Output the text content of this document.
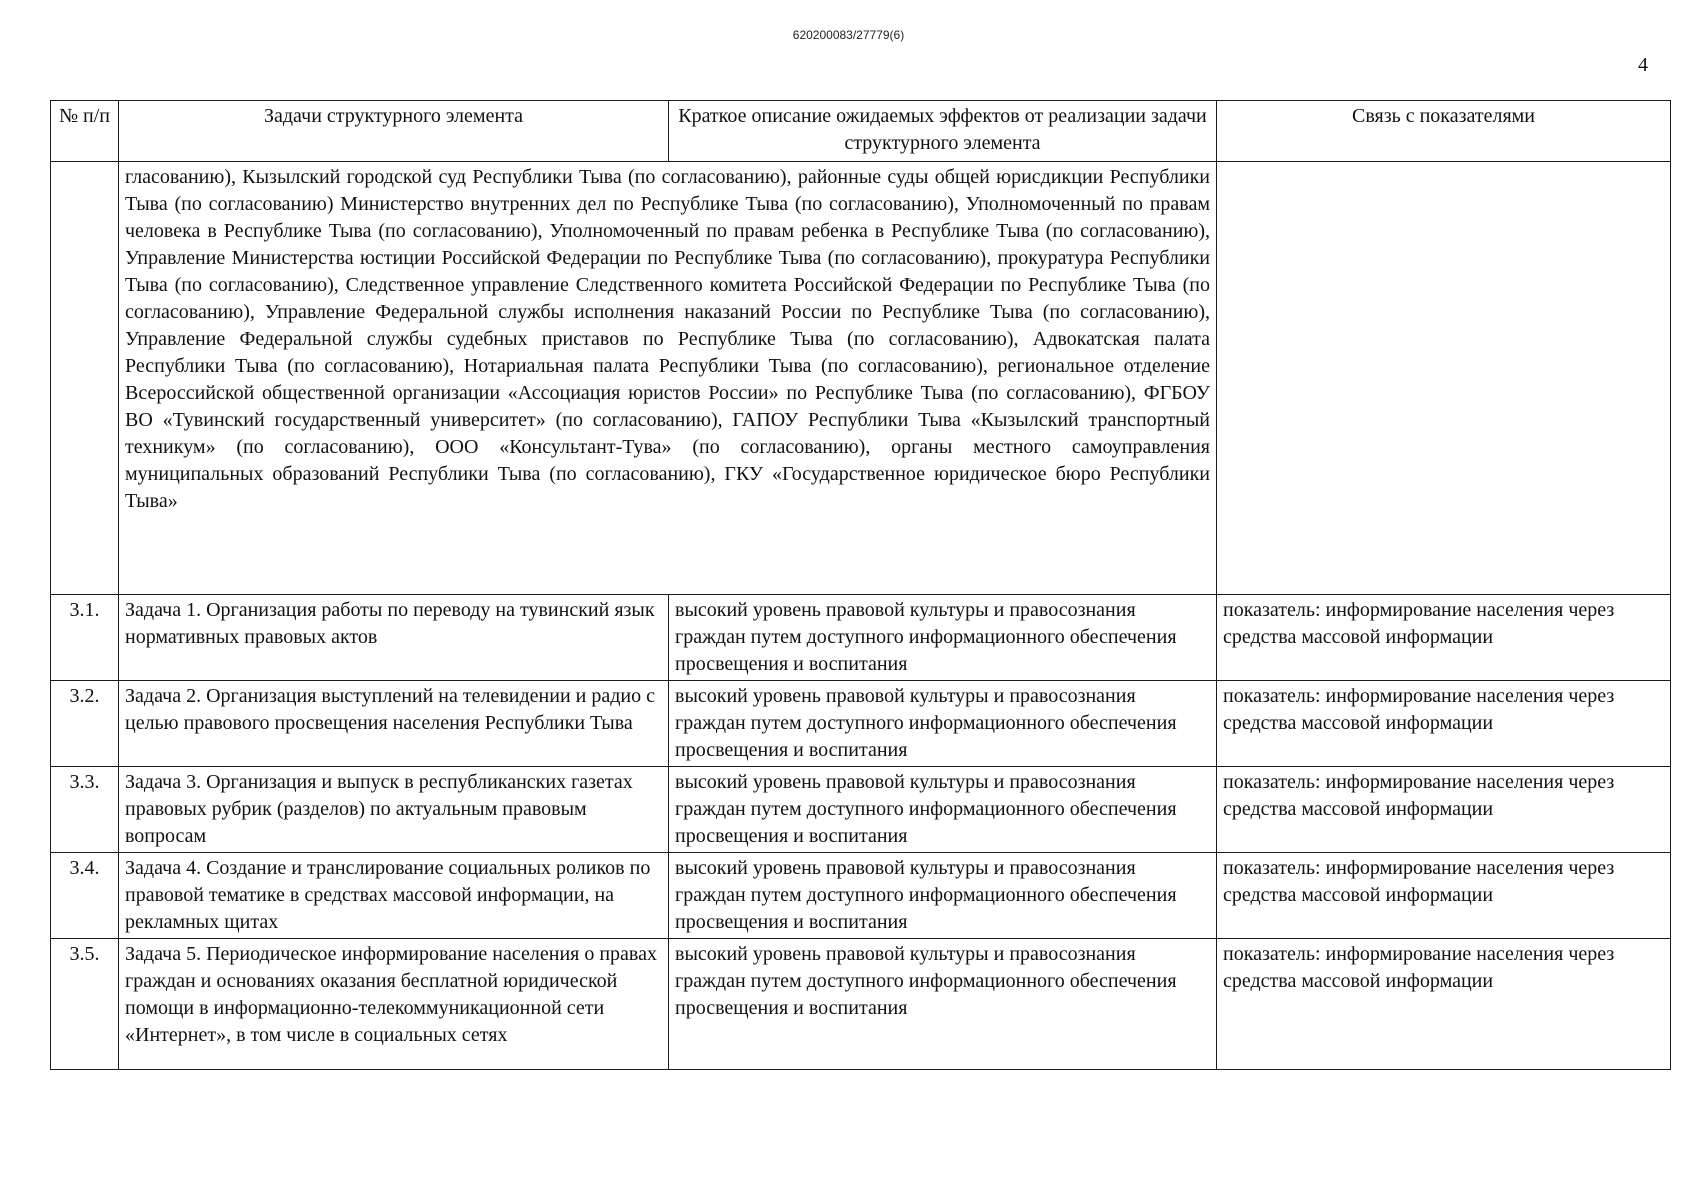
620200083/27779(6)
4
№ п/п	Задачи структурного элемента	Краткое описание ожидаемых эффектов от реализации задачи структурного элемента	Связь с показателями
	гласованию), Кызылский городской суд Республики Тыва (по согласованию), районные суды общей юрисдикции Республики Тыва (по согласованию) Министерство внутренних дел по Республике Тыва (по согласованию), Уполномоченный по правам человека в Республике Тыва (по согласованию), Уполномоченный по правам ребенка в Республике Тыва (по согласованию), Управление Министерства юстиции Российской Федерации по Республике Тыва (по согласованию), прокуратура Республики Тыва (по согласованию), Следственное управление Следственного комитета Российской Федерации по Республике Тыва (по согласованию), Управление Федеральной службы исполнения наказаний России по Республике Тыва (по согласованию), Управление Федеральной службы судебных приставов по Республике Тыва (по согласованию), Адвокатская палата Республики Тыва (по согласованию), Нотариальная палата Республики Тыва (по согласованию), региональное отделение Всероссийской общественной организации «Ассоциация юристов России» по Республике Тыва (по согласованию), ФГБОУ ВО «Тувинский государственный университет» (по согласованию), ГАПОУ Республики Тыва «Кызылский транспортный техникум» (по согласованию), ООО «Консультант-Тува» (по согласованию), органы местного самоуправления муниципальных образований Республики Тыва (по согласованию), ГКУ «Государственное юридическое бюро Республики Тыва»		
3.1.	Задача 1. Организация работы по переводу на тувинский язык нормативных правовых актов	высокий уровень правовой культуры и правосознания граждан путем доступного информационного обеспечения просвещения и воспитания	показатель: информирование населения через средства массовой информации
3.2.	Задача 2. Организация выступлений на телевидении и радио с целью правового просвещения населения Республики Тыва	высокий уровень правовой культуры и правосознания граждан путем доступного информационного обеспечения просвещения и воспитания	показатель: информирование населения через средства массовой информации
3.3.	Задача 3. Организация и выпуск в республиканских газетах правовых рубрик (разделов) по актуальным правовым вопросам	высокий уровень правовой культуры и правосознания граждан путем доступного информационного обеспечения просвещения и воспитания	показатель: информирование населения через средства массовой информации
3.4.	Задача 4. Создание и транслирование социальных роликов по правовой тематике в средствах массовой информации, на рекламных щитах	высокий уровень правовой культуры и правосознания граждан путем доступного информационного обеспечения просвещения и воспитания	показатель: информирование населения через средства массовой информации
3.5.	Задача 5. Периодическое информирование населения о правах граждан и основаниях оказания бесплатной юридической помощи в информационно-телекоммуникационной сети «Интернет», в том числе в социальных сетях	высокий уровень правовой культуры и правосознания граждан путем доступного информационного обеспечения просвещения и воспитания	показатель: информирование населения через средства массовой информации
